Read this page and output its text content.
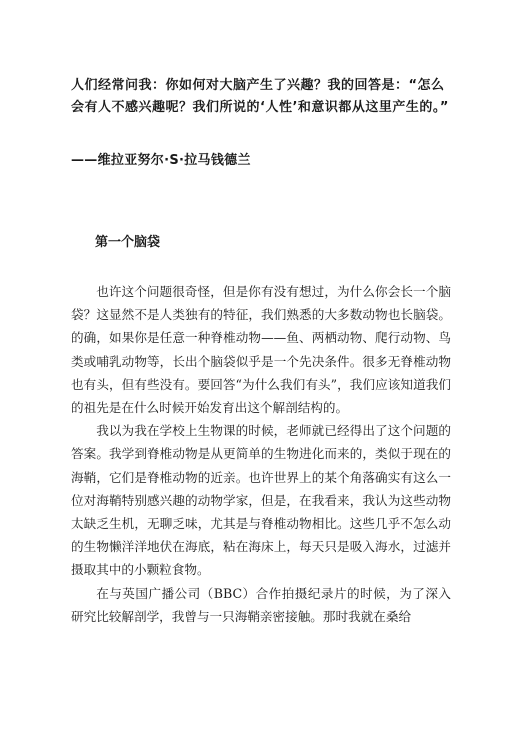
人们经常问我：你如何对大脑产生了兴趣？我的回答是：“怎么会有人不感兴趣呢？我们所说的‘人性’和意识都从这里产生的。”

——维拉亚努尔·S·拉马钱德兰
第一个脑袋

也许这个问题很奇怪，但是你有没有想过，为什么你会长一个脑袋？这显然不是人类独有的特征，我们熟悉的大多数动物也长脑袋。的确，如果你是任意一种脊椎动物——鱼、两栖动物、爬行动物、鸟类或哺乳动物等，长出个脑袋似乎是一个先决条件。很多无脊椎动物也有头，但有些没有。要回答“为什么我们有头”，我们应该知道我们的祖先是在什么时候开始发育出这个解剖结构的。

我以为我在学校上生物课的时候，老师就已经得出了这个问题的答案。我学到脊椎动物是从更简单的生物进化而来的，类似于现在的海鞘，它们是脊椎动物的近亲。也许世界上的某个角落确实有这么一位对海鞘特别感兴趣的动物学家，但是，在我看来，我认为这些动物太缺乏生机，无聊乏味，尤其是与脊椎动物相比。这些几乎不怎么动的生物懒洋洋地伏在海底，粘在海床上，每天只是吸入海水，过滤并摄取其中的小颗粒食物。

在与英国广播公司（BBC）合作拍摄纪录片的时候，为了深入研究比较解剖学，我曾与一只海鞘亲密接触。那时我就在桑给
